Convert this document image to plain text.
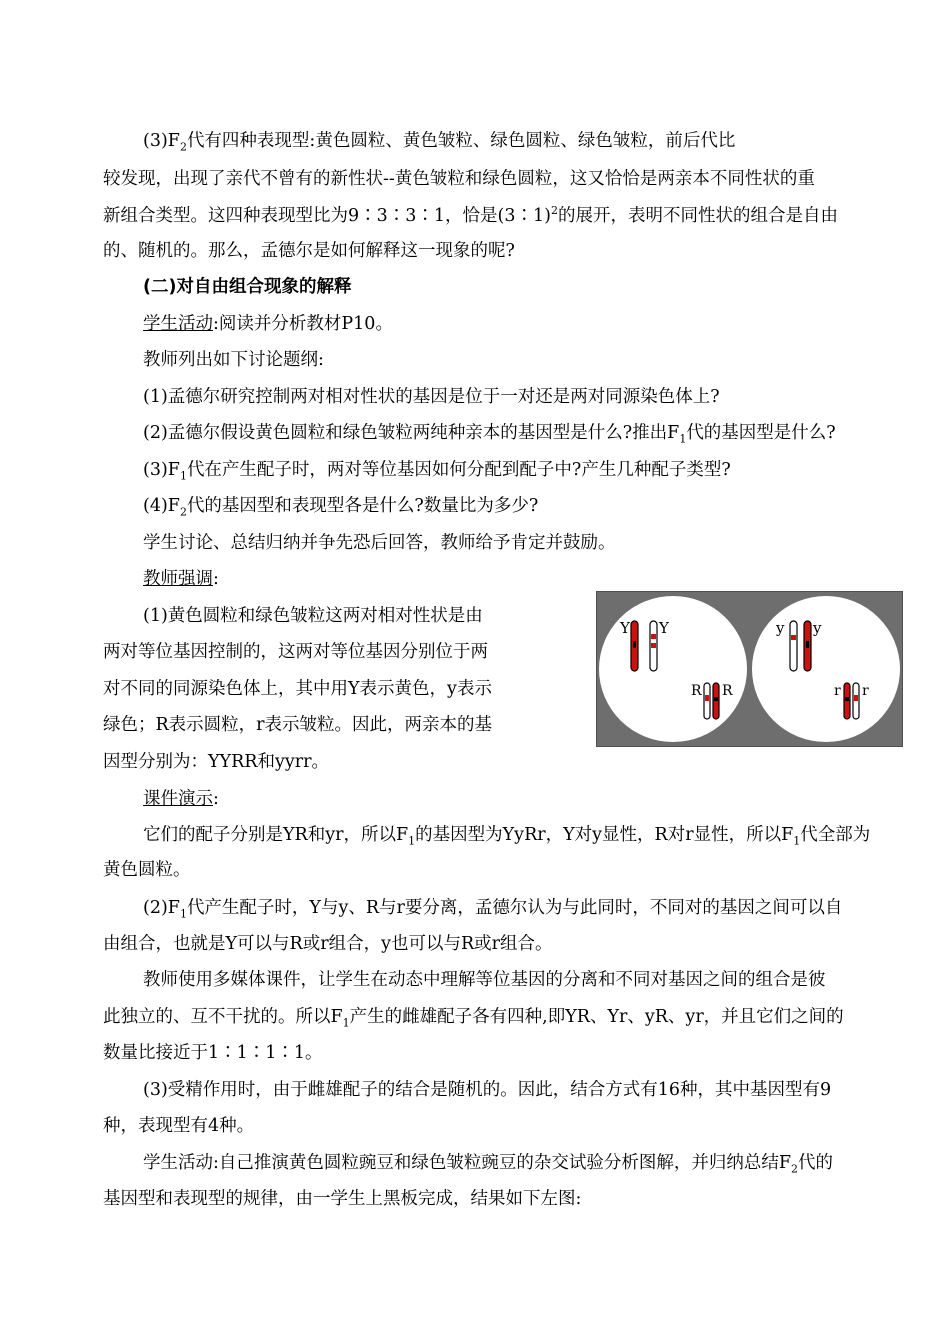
$(3)F_2$代有四种表现型:黄色圆粒、黄色皱粒、绿色圆粒、绿色皱粒，前后代比
较发现，出现了亲代不曾有的新性状--黄色皱粒和绿色圆粒，这又恰恰是两亲本不同性状的重
新组合类型。这四种表现型比为9∶3∶3∶1，恰是(3∶1)$^2$的展开，表明不同性状的组合是自由
的、随机的。那么，孟德尔是如何解释这一现象的呢?
(二)对自由组合现象的解释
学生活动:阅读并分析教材P10。
教师列出如下讨论题纲:
(1)孟德尔研究控制两对相对性状的基因是位于一对还是两对同源染色体上?
(2)孟德尔假设黄色圆粒和绿色皱粒两纯种亲本的基因型是什么?推出$F_1$代的基因型是什么?
$(3)F_1$代在产生配子时，两对等位基因如何分配到配子中?产生几种配子类型?
$(4)F_2$代的基因型和表现型各是什么?数量比为多少?
学生讨论、总结归纳并争先恐后回答，教师给予肯定并鼓励。
教师强调:
(1)黄色圆粒和绿色皱粒这两对相对性状是由
两对等位基因控制的，这两对等位基因分别位于两
对不同的同源染色体上，其中用Y表示黄色，y表示
绿色；R表示圆粒，r表示皱粒。因此，两亲本的基
因型分别为：YYRR和yyrr。
Y Y
R R
y y
r r
课件演示:
它们的配子分别是YR和yr，所以$F_1$的基因型为YyRr，Y对y显性，R对r显性，所以$F_1$代全部为
黄色圆粒。
$(2)F_1$代产生配子时，Y与y、R与r要分离，孟德尔认为与此同时，不同对的基因之间可以自
由组合，也就是Y可以与R或r组合，y也可以与R或r组合。
教师使用多媒体课件，让学生在动态中理解等位基因的分离和不同对基因之间的组合是彼
此独立的、互不干扰的。所以$F_1$产生的雌雄配子各有四种,即YR、Yr、yR、yr，并且它们之间的
数量比接近于1∶1∶1∶1。
(3)受精作用时，由于雌雄配子的结合是随机的。因此，结合方式有16种，其中基因型有9
种，表现型有4种。
学生活动:自己推演黄色圆粒豌豆和绿色皱粒豌豆的杂交试验分析图解，并归纳总结$F_2$代的
基因型和表现型的规律，由一学生上黑板完成，结果如下左图:
